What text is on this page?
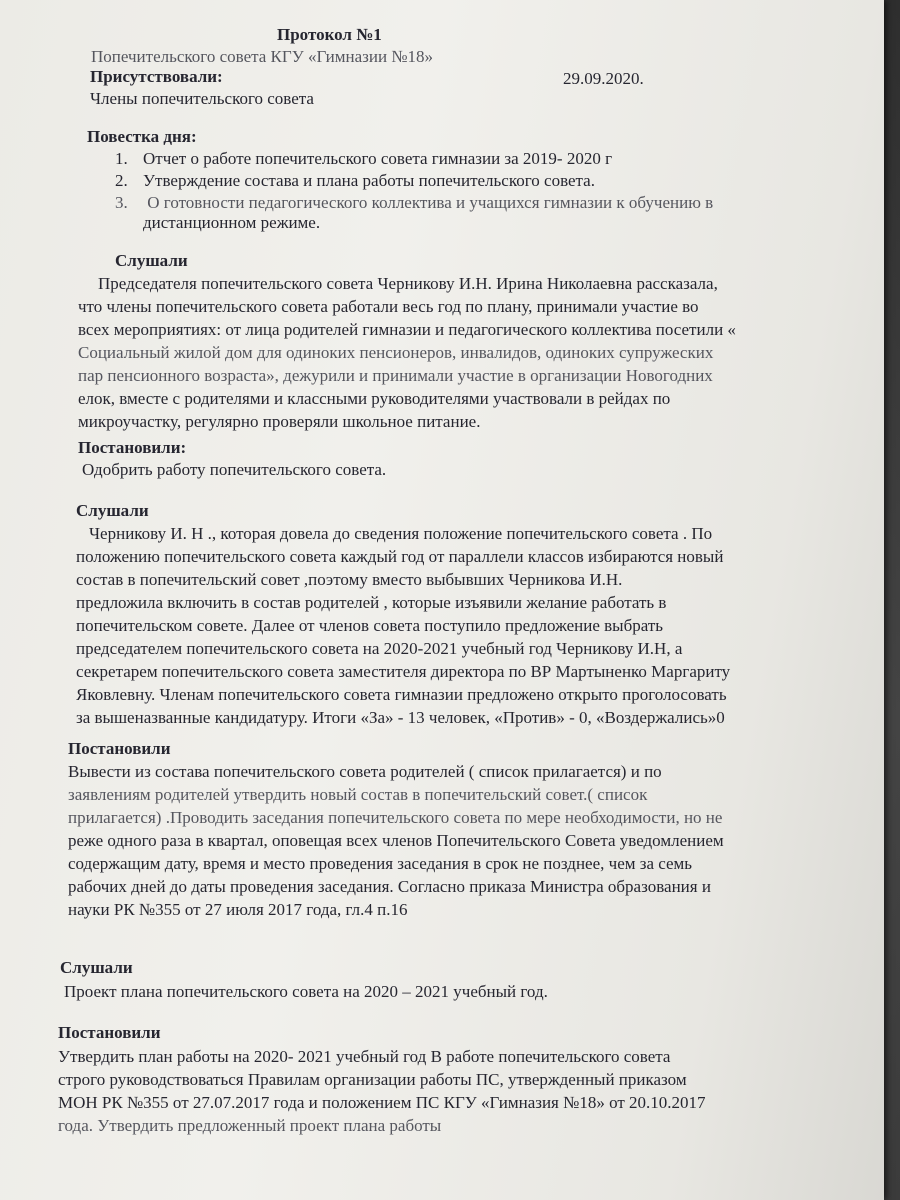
Протокол №1
Попечительского совета КГУ «Гимназии №18»
Присутствовали:	29.09.2020.
Члены попечительского совета
Повестка дня:
1. Отчет о работе попечительского совета гимназии за 2019- 2020 г
2. Утверждение состава и плана работы попечительского совета.
3. О готовности педагогического коллектива и учащихся гимназии к обучению в
дистанционном режиме.
Слушали
Председателя попечительского совета Черникову И.Н. Ирина Николаевна рассказала,
что члены попечительского совета работали весь год по плану, принимали участие во
всех мероприятиях: от лица родителей гимназии и педагогического коллектива посетили «
Социальный жилой дом для одиноких пенсионеров, инвалидов, одиноких супружеских
пар пенсионного возраста», дежурили и принимали участие в организации Новогодних
елок, вместе с родителями и классными руководителями участвовали в рейдах по
микроучастку, регулярно проверяли школьное питание.
Постановили:
Одобрить работу попечительского совета.
Слушали
Черникову И. Н ., которая довела до сведения положение попечительского совета . По
положению попечительского совета каждый год от параллели классов избираются новый
состав в попечительский совет ,поэтому вместо выбывших Черникова И.Н.
предложила включить в состав родителей , которые изъявили желание работать в
попечительском совете. Далее от членов совета поступило предложение выбрать
председателем попечительского совета на 2020-2021 учебный год Черникову И.Н, а
секретарем попечительского совета заместителя директора по ВР Мартыненко Маргариту
Яковлевну. Членам попечительского совета гимназии предложено открыто проголосовать
за вышеназванные кандидатуру. Итоги «За» - 13 человек, «Против» - 0, «Воздержались»0
Постановили
Вывести из состава попечительского совета родителей ( список прилагается) и по
заявлениям родителей утвердить новый состав в попечительский совет.( список
прилагается) .Проводить заседания попечительского совета по мере необходимости, но не
реже одного раза в квартал, оповещая всех членов Попечительского Совета уведомлением
содержащим дату, время и место проведения заседания в срок не позднее, чем за семь
рабочих дней до даты проведения заседания. Согласно приказа Министра образования и
науки РК №355 от 27 июля 2017 года, гл.4 п.16
Слушали
Проект плана попечительского совета на 2020 – 2021 учебный год.
Постановили
Утвердить план работы на 2020- 2021 учебный год В работе попечительского совета
строго руководствоваться Правилам организации работы ПС, утвержденный приказом
МОН РК №355 от 27.07.2017 года и положением ПС КГУ «Гимназия №18» от 20.10.2017
года. Утвердить предложенный проект плана работы
